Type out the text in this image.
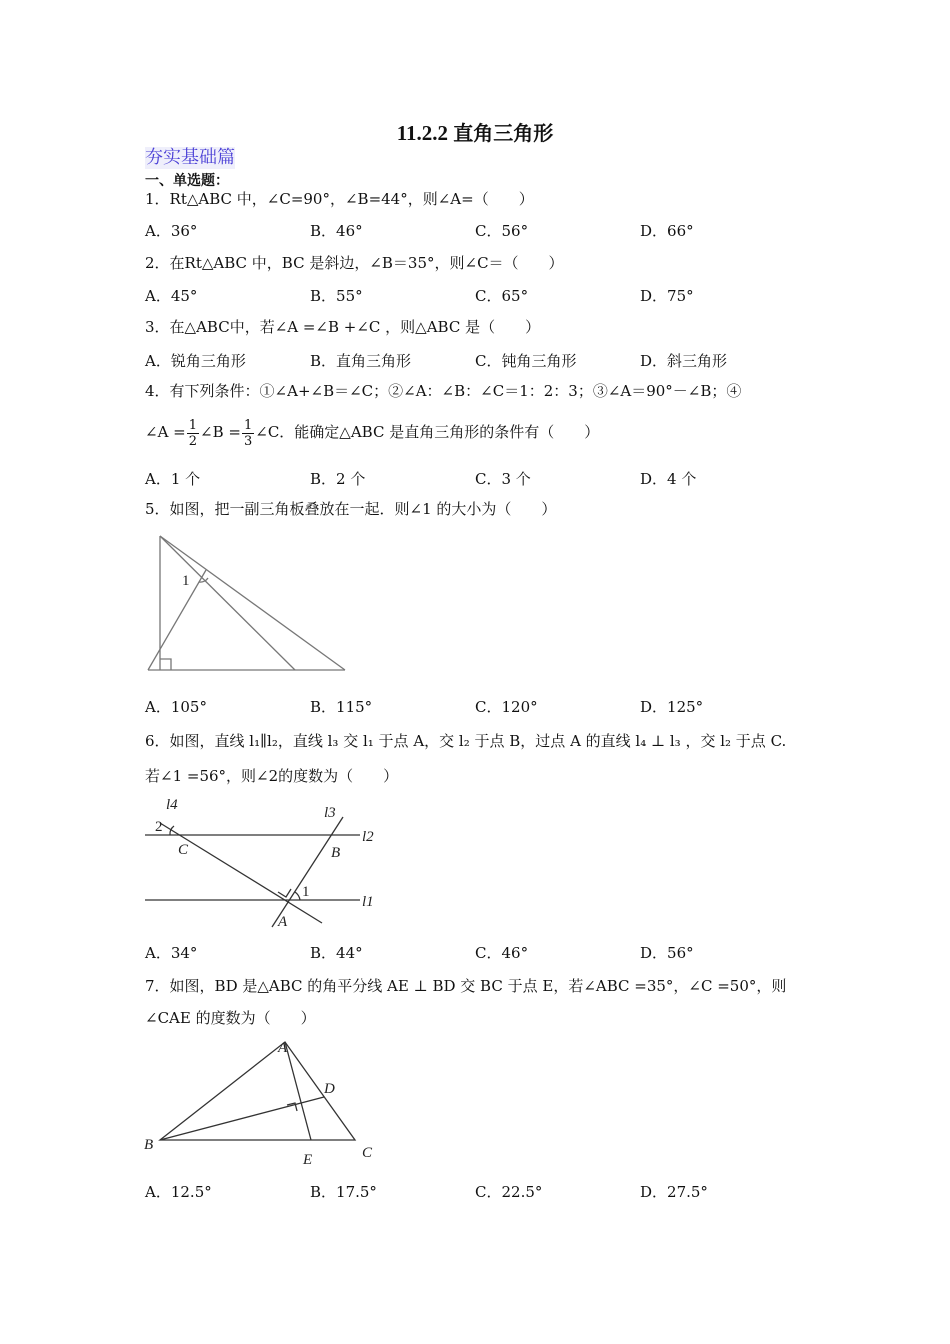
11.2.2 直角三角形
夯实基础篇
一、单选题：
1．Rt△ABC 中，∠C=90°，∠B=44°，则∠A=（　　）
A．36°	B．46°	C．56°	D．66°
2．在Rt△ABC 中，BC 是斜边，∠B＝35°，则∠C＝（　　）
A．45°	B．55°	C．65°	D．75°
3．在△ABC中，若∠A =∠B +∠C ，则△ABC 是（　　）
A．锐角三角形	B．直角三角形	C．钝角三角形	D．斜三角形
4．有下列条件：①∠A+∠B＝∠C；②∠A：∠B：∠C＝1：2：3；③∠A＝90°－∠B；④
∠A = $\frac{1}{2}$ ∠B = $\frac{1}{3}$ ∠C．能确定△ABC 是直角三角形的条件有（　　）
A．1 个	B．2 个	C．3 个	D．4 个
5．如图，把一副三角板叠放在一起．则∠1 的大小为（　　）
1
A．105°	B．115°	C．120°	D．125°
6．如图，直线 l₁∥l₂，直线 l₃ 交 l₁ 于点 A，交 l₂ 于点 B，过点 A 的直线 l₄ ⊥ l₃ ，交 l₂ 于点 C.
若∠1 =56°，则∠2的度数为（　　）
l4	l3
l2
l1
C	B
A
2
1
A．34°	B．44°	C．46°	D．56°
7．如图，BD 是△ABC 的角平分线 AE ⊥ BD 交 BC 于点 E，若∠ABC =35°，∠C =50°，则
∠CAE 的度数为（　　）
A
D
B
E	C
A．12.5°	B．17.5°	C．22.5°	D．27.5°
